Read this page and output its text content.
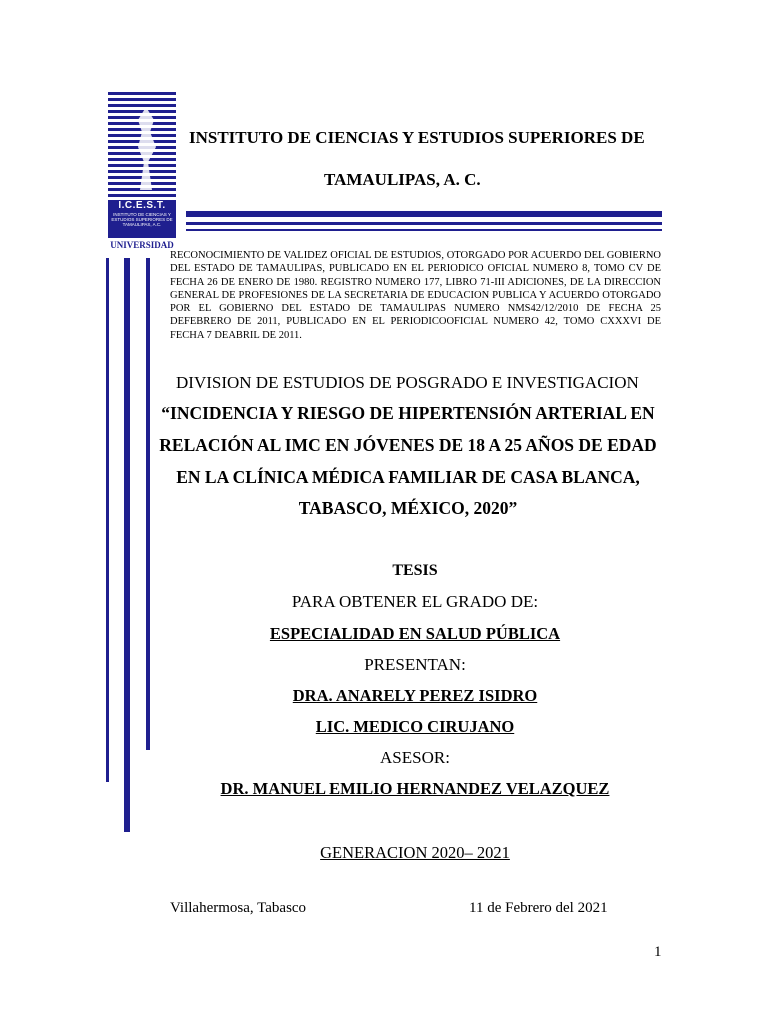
I.C.E.S.T.
INSTITUTO DE CIENCIAS Y ESTUDIOS SUPERIORES DE TAMAULIPAS, A.C.
UNIVERSIDAD
INSTITUTO DE CIENCIAS Y ESTUDIOS SUPERIORES DE
TAMAULIPAS, A. C.
RECONOCIMIENTO DE VALIDEZ OFICIAL DE ESTUDIOS, OTORGADO POR ACUERDO DEL GOBIERNO DEL ESTADO DE TAMAULIPAS, PUBLICADO EN EL PERIODICO OFICIAL NUMERO 8, TOMO CV DE FECHA 26 DE ENERO DE 1980. REGISTRO NUMERO 177, LIBRO 71-III ADICIONES, DE LA DIRECCION GENERAL DE PROFESIONES DE LA SECRETARIA DE EDUCACION PUBLICA Y ACUERDO OTORGADO POR EL GOBIERNO DEL ESTADO DE TAMAULIPAS NUMERO NMS42/12/2010 DE FECHA 25 DEFEBRERO DE 2011, PUBLICADO EN EL PERIODICOOFICIAL NUMERO 42, TOMO CXXXVI DE FECHA 7 DEABRIL DE 2011.
DIVISION DE ESTUDIOS DE POSGRADO E INVESTIGACION
“INCIDENCIA Y RIESGO DE HIPERTENSIÓN ARTERIAL EN
RELACIÓN AL IMC EN JÓVENES DE 18 A 25 AÑOS DE EDAD
EN LA CLÍNICA MÉDICA FAMILIAR DE CASA BLANCA,
TABASCO, MÉXICO, 2020”
TESIS
PARA OBTENER EL GRADO DE:
ESPECIALIDAD EN SALUD PÚBLICA
PRESENTAN:
DRA. ANARELY PEREZ ISIDRO
LIC. MEDICO CIRUJANO
ASESOR:
DR. MANUEL EMILIO HERNANDEZ VELAZQUEZ
GENERACION 2020– 2021
Villahermosa, Tabasco	11 de Febrero del 2021
1
